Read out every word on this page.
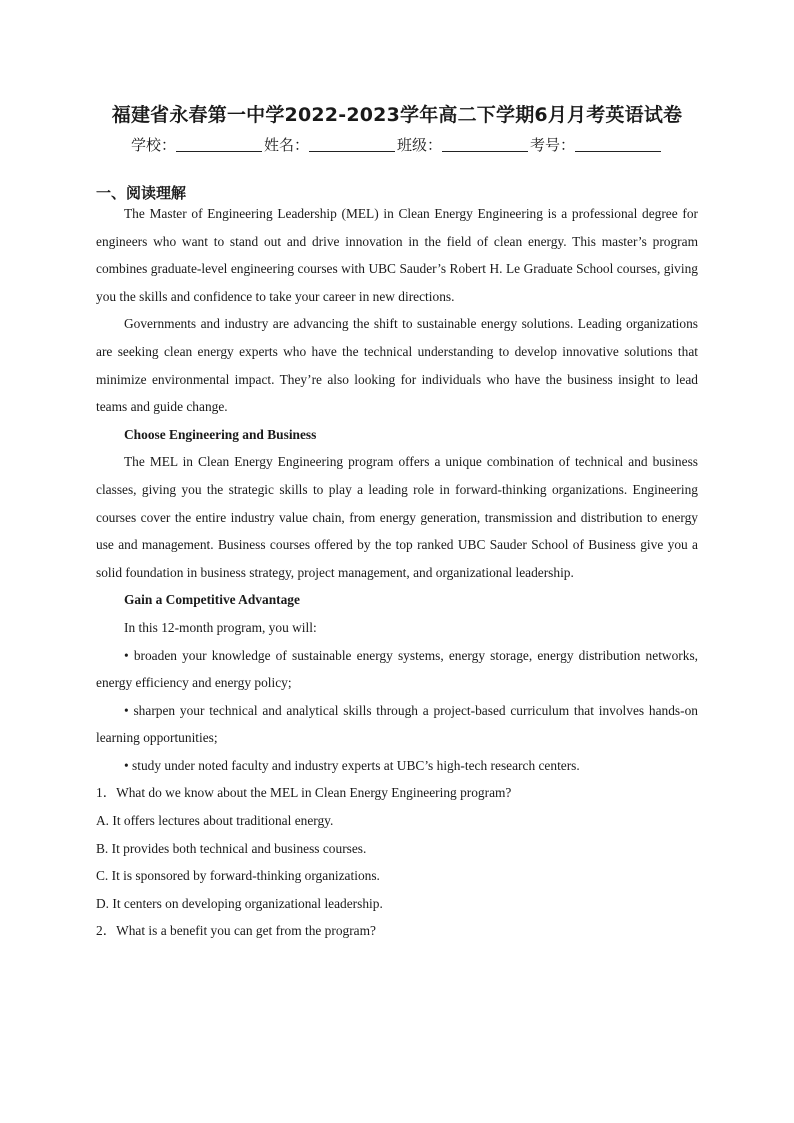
福建省永春第一中学2022-2023学年高二下学期6月月考英语试卷
学校：	姓名：	班级：	考号：
一、阅读理解

The Master of Engineering Leadership (MEL) in Clean Energy Engineering is a professional degree for engineers who want to stand out and drive innovation in the field of clean energy. This master’s program combines graduate-level engineering courses with UBC Sauder’s Robert H. Le Graduate School courses, giving you the skills and confidence to take your career in new directions.

Governments and industry are advancing the shift to sustainable energy solutions. Leading organizations are seeking clean energy experts who have the technical understanding to develop innovative solutions that minimize environmental impact. They’re also looking for individuals who have the business insight to lead teams and guide change.

Choose Engineering and Business

The MEL in Clean Energy Engineering program offers a unique combination of technical and business classes, giving you the strategic skills to play a leading role in forward-thinking organizations. Engineering courses cover the entire industry value chain, from energy generation, transmission and distribution to energy use and management. Business courses offered by the top ranked UBC Sauder School of Business give you a solid foundation in business strategy, project management, and organizational leadership.

Gain a Competitive Advantage

In this 12-month program, you will:

• broaden your knowledge of sustainable energy systems, energy storage, energy distribution networks, energy efficiency and energy policy;

• sharpen your technical and analytical skills through a project-based curriculum that involves hands-on learning opportunities;

• study under noted faculty and industry experts at UBC’s high-tech research centers.

1．What do we know about the MEL in Clean Energy Engineering program?

A. It offers lectures about traditional energy.

B. It provides both technical and business courses.

C. It is sponsored by forward-thinking organizations.

D. It centers on developing organizational leadership.

2．What is a benefit you can get from the program?
